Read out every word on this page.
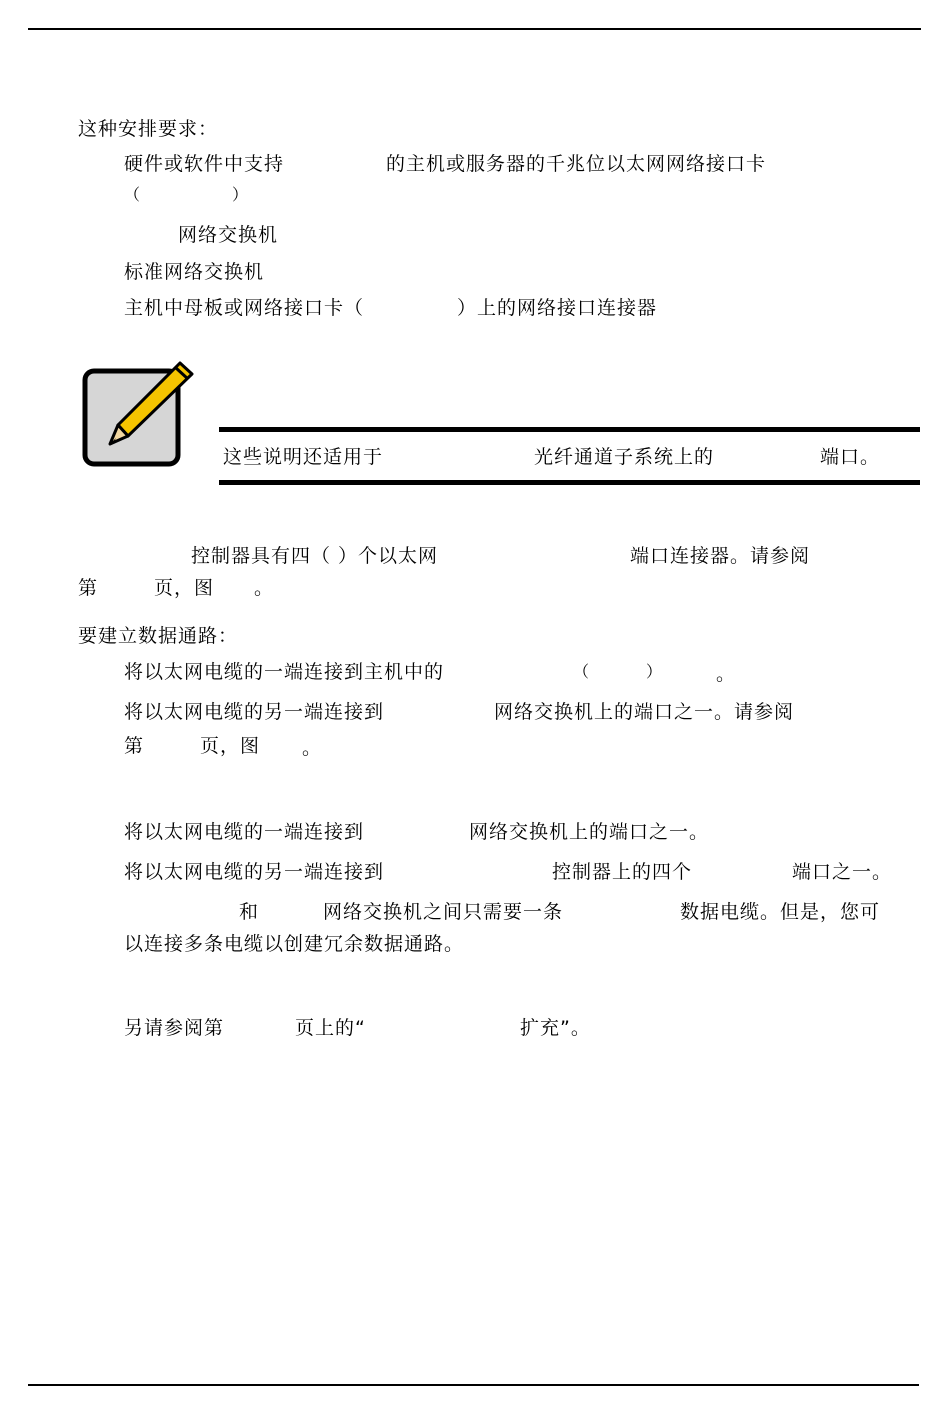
这种安排要求：
硬件或软件中支持	的主机或服务器的千兆位以太网网络接口卡
（	）
网络交换机
标准网络交换机
主机中母板或网络接口卡（	）上的网络接口连接器
这些说明还适用于	光纤通道子系统上的	端口。
控制器具有四（ ）个以太网	端口连接器。请参阅
第	页，图 。
要建立数据通路：
将以太网电缆的一端连接到主机中的	（	）	。
将以太网电缆的另一端连接到	网络交换机上的端口之一。请参阅
第	页，图 。
将以太网电缆的一端连接到	网络交换机上的端口之一。
将以太网电缆的另一端连接到	控制器上的四个	端口之一。
和	网络交换机之间只需要一条	数据电缆。但是，您可
以连接多条电缆以创建冗余数据通路。
另请参阅第	页上的“	扩充”。
